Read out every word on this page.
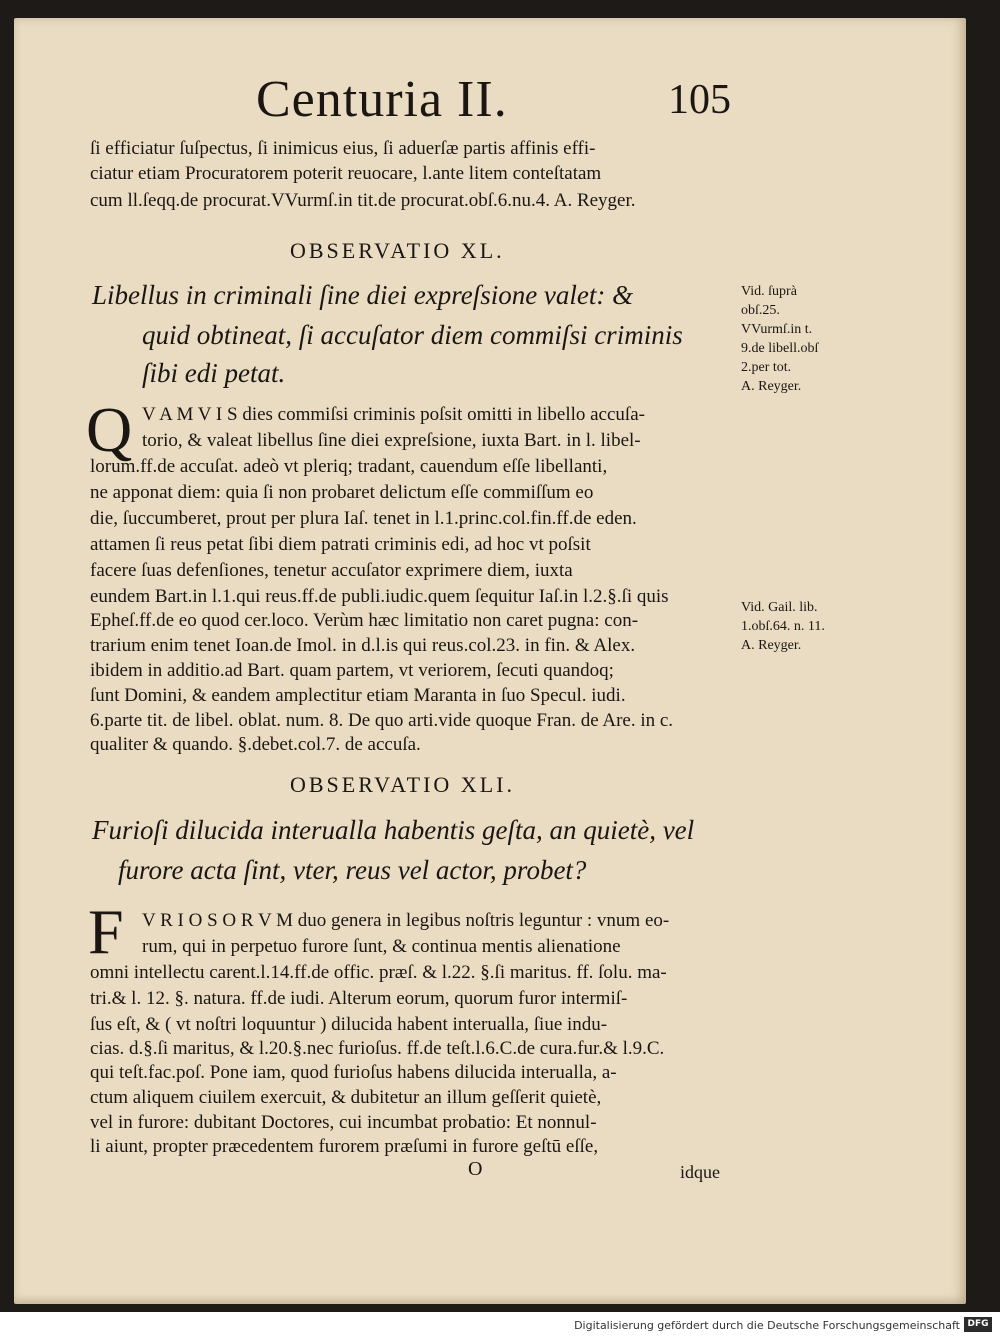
Centuria II.	105
ſi efficiatur ſuſpectus, ſi inimicus eius, ſi aduerſæ partis affinis effi-
ciatur etiam Procuratorem poterit reuocare, l.ante litem conteſtatam
cum ll.ſeqq.de procurat.VVurmſ.in tit.de procurat.obſ.6.nu.4. A. Reyger.
OBSERVATIO XL.
Libellus in criminali ſine diei expreſsione valet: &
quid obtineat, ſi accuſator diem commiſsi criminis
ſibi edi petat.
Vid. ſuprà
obſ.25.
VVurmſ.in t.
9.de libell.obſ
2.per tot.
A. Reyger.
Q V A M V I S dies commiſsi criminis poſsit omitti in libello accuſa-
torio, & valeat libellus ſine diei expreſsione, iuxta Bart. in l. libel-
lorum.ff.de accuſat. adeò vt pleriq; tradant, cauendum eſſe libellanti,
ne apponat diem: quia ſi non probaret delictum eſſe commiſſum eo
die, ſuccumberet, prout per plura Iaſ. tenet in l.1.princ.col.fin.ff.de eden.
attamen ſi reus petat ſibi diem patrati criminis edi, ad hoc vt poſsit
facere ſuas defenſiones, tenetur accuſator exprimere diem, iuxta
eundem Bart.in l.1.qui reus.ff.de publi.iudic.quem ſequitur Iaſ.in l.2.§.ſi quis
Epheſ.ff.de eo quod cer.loco. Verùm hæc limitatio non caret pugna: con-
trarium enim tenet Ioan.de Imol. in d.l.is qui reus.col.23. in fin. & Alex.
ibidem in additio.ad Bart. quam partem, vt veriorem, ſecuti quandoq;
ſunt Domini, & eandem amplectitur etiam Maranta in ſuo Specul. iudi.
6.parte tit. de libel. oblat. num. 8. De quo arti.vide quoque Fran. de Are. in c.
qualiter & quando. §.debet.col.7. de accuſa.
Vid. Gail. lib.
1.obſ.64. n. 11.
A. Reyger.
OBSERVATIO XLI.
Furioſi dilucida interualla habentis geſta, an quietè, vel
furore acta ſint, vter, reus vel actor, probet?
F V R I O S O R V M duo genera in legibus noſtris leguntur : vnum eo-
rum, qui in perpetuo furore ſunt, & continua mentis alienatione
omni intellectu carent.l.14.ff.de offic. præſ. & l.22. §.ſi maritus. ff. ſolu. ma-
tri.& l. 12. §. natura. ff.de iudi. Alterum eorum, quorum furor intermiſ-
ſus eſt, & ( vt noſtri loquuntur ) dilucida habent interualla, ſiue indu-
cias. d.§.ſi maritus, & l.20.§.nec furioſus. ff.de teſt.l.6.C.de cura.fur.& l.9.C.
qui teſt.fac.poſ. Pone iam, quod furioſus habens dilucida interualla, a-
ctum aliquem ciuilem exercuit, & dubitetur an illum geſſerit quietè,
vel in furore: dubitant Doctores, cui incumbat probatio: Et nonnul-
li aiunt, propter præcedentem furorem præſumi in furore geſtū eſſe,
O	idque
Digitalisierung gefördert durch die Deutsche Forschungsgemeinschaft DFG
